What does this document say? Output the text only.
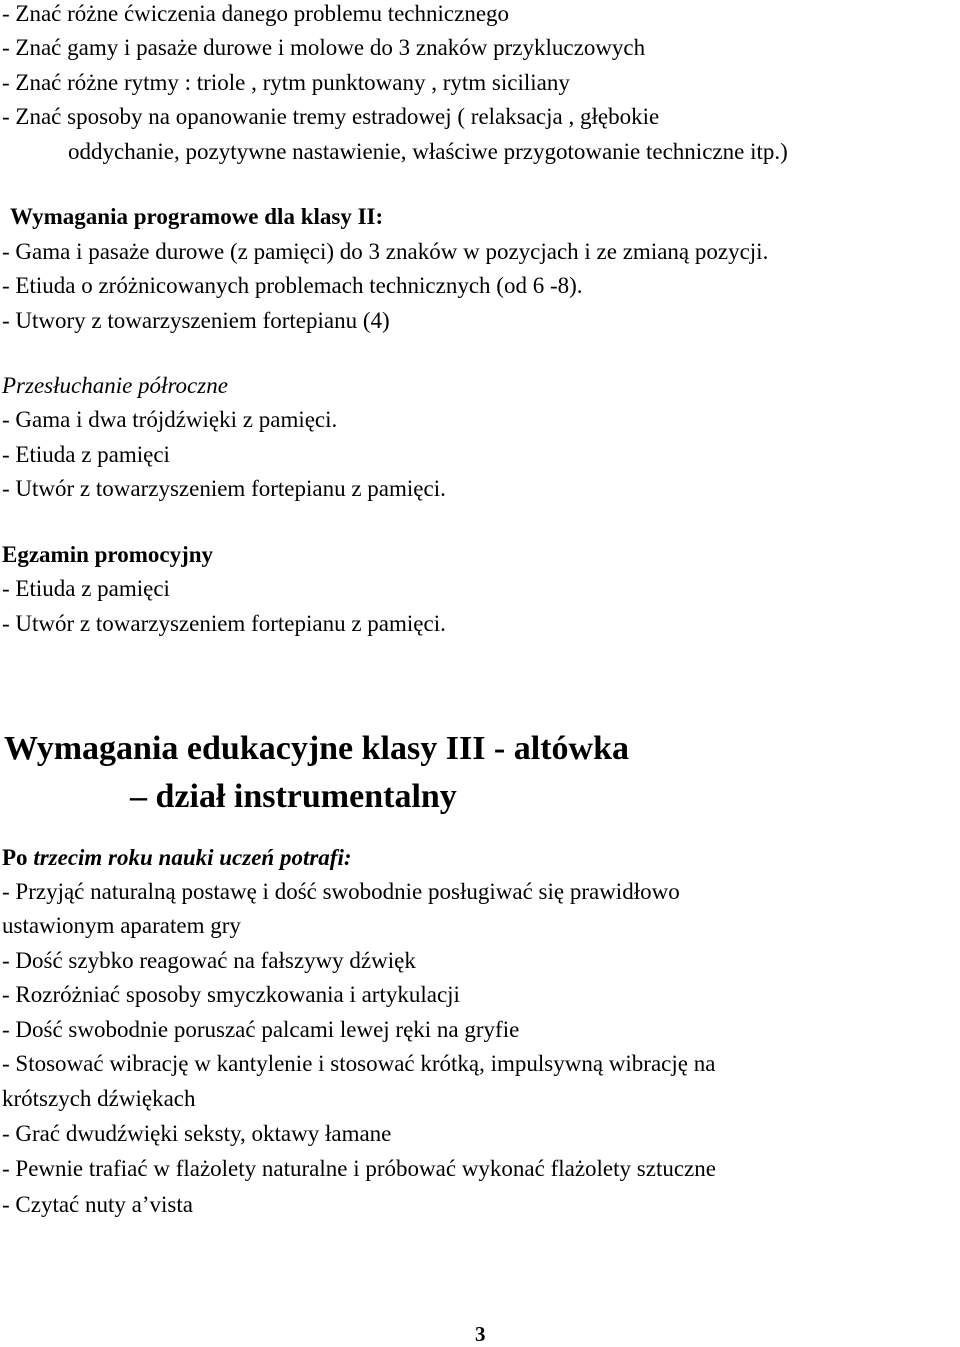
- Znać różne ćwiczenia danego problemu technicznego
- Znać gamy i pasaże durowe i molowe do 3 znaków przykluczowych
- Znać różne rytmy : triole , rytm punktowany , rytm siciliany
- Znać sposoby na opanowanie tremy estradowej ( relaksacja , głębokie
oddychanie, pozytywne nastawienie, właściwe przygotowanie techniczne itp.)
Wymagania programowe dla klasy II:
- Gama i pasaże durowe (z pamięci) do 3 znaków w pozycjach i ze zmianą pozycji.
- Etiuda o zróżnicowanych problemach technicznych (od 6 -8).
- Utwory z towarzyszeniem fortepianu (4)
Przesłuchanie półroczne
- Gama i dwa trójdźwięki z pamięci.
- Etiuda z pamięci
- Utwór z towarzyszeniem fortepianu z pamięci.
Egzamin promocyjny
- Etiuda z pamięci
- Utwór z towarzyszeniem fortepianu z pamięci.
Wymagania edukacyjne klasy III - altówka
– dział instrumentalny
Po trzecim roku nauki uczeń potrafi:
- Przyjąć naturalną postawę i dość swobodnie posługiwać się prawidłowo
ustawionym aparatem gry
- Dość szybko reagować na fałszywy dźwięk
- Rozróżniać sposoby smyczkowania i artykulacji
- Dość swobodnie poruszać palcami lewej ręki na gryfie
- Stosować wibrację w kantylenie i stosować krótką, impulsywną wibrację na
krótszych dźwiękach
- Grać dwudźwięki seksty, oktawy łamane
- Pewnie trafiać w flażolety naturalne i próbować wykonać flażolety sztuczne
- Czytać nuty a’vista
3
